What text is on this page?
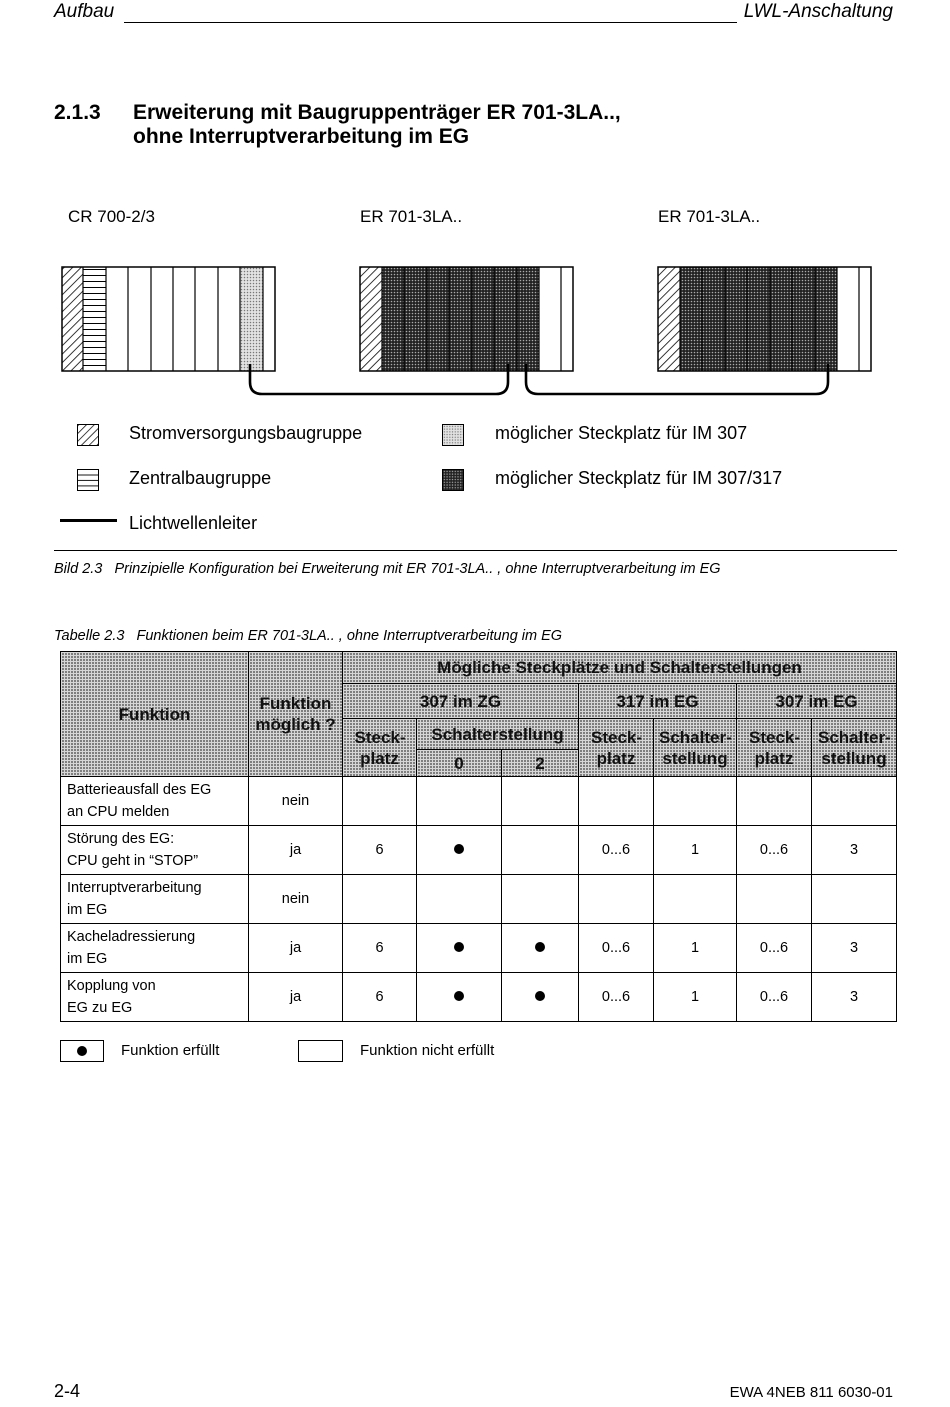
Aufbau	LWL-Anschaltung
2.1.3 Erweiterung mit Baugruppenträger ER 701-3LA..,
ohne Interruptverarbeitung im EG
CR 700-2/3	ER 701-3LA..	ER 701-3LA..
Stromversorgungsbaugruppe	möglicher Steckplatz für IM 307
Zentralbaugruppe	möglicher Steckplatz für IM 307/317
Lichtwellenleiter
Bild 2.3   Prinzipielle Konfiguration bei Erweiterung mit ER 701-3LA.. , ohne Interruptverarbeitung im EG
Tabelle 2.3   Funktionen beim ER 701-3LA.. , ohne Interruptverarbeitung im EG
Funktion	Funktion möglich ?	Mögliche Steckplätze und Schalterstellungen						
		307 im ZG			317 im EG		307 im EG	

		Steck-platz	Schalterstellung		Steck-platz	Schalter-stellung	Steck-platz	Schalter-stellung

			0	2				

Batterieausfall des EG
an CPU melden	nein							

Störung des EG:
CPU geht in “STOP”	ja	6			0...6	1	0...6	3

Interruptverarbeitung
im EG	nein							

Kacheladressierung
im EG	ja	6			0...6	1	0...6	3

Kopplung von
EG zu EG	ja	6			0...6	1	0...6	3
Funktion erfüllt	Funktion nicht erfüllt
2-4	EWA 4NEB 811 6030-01
